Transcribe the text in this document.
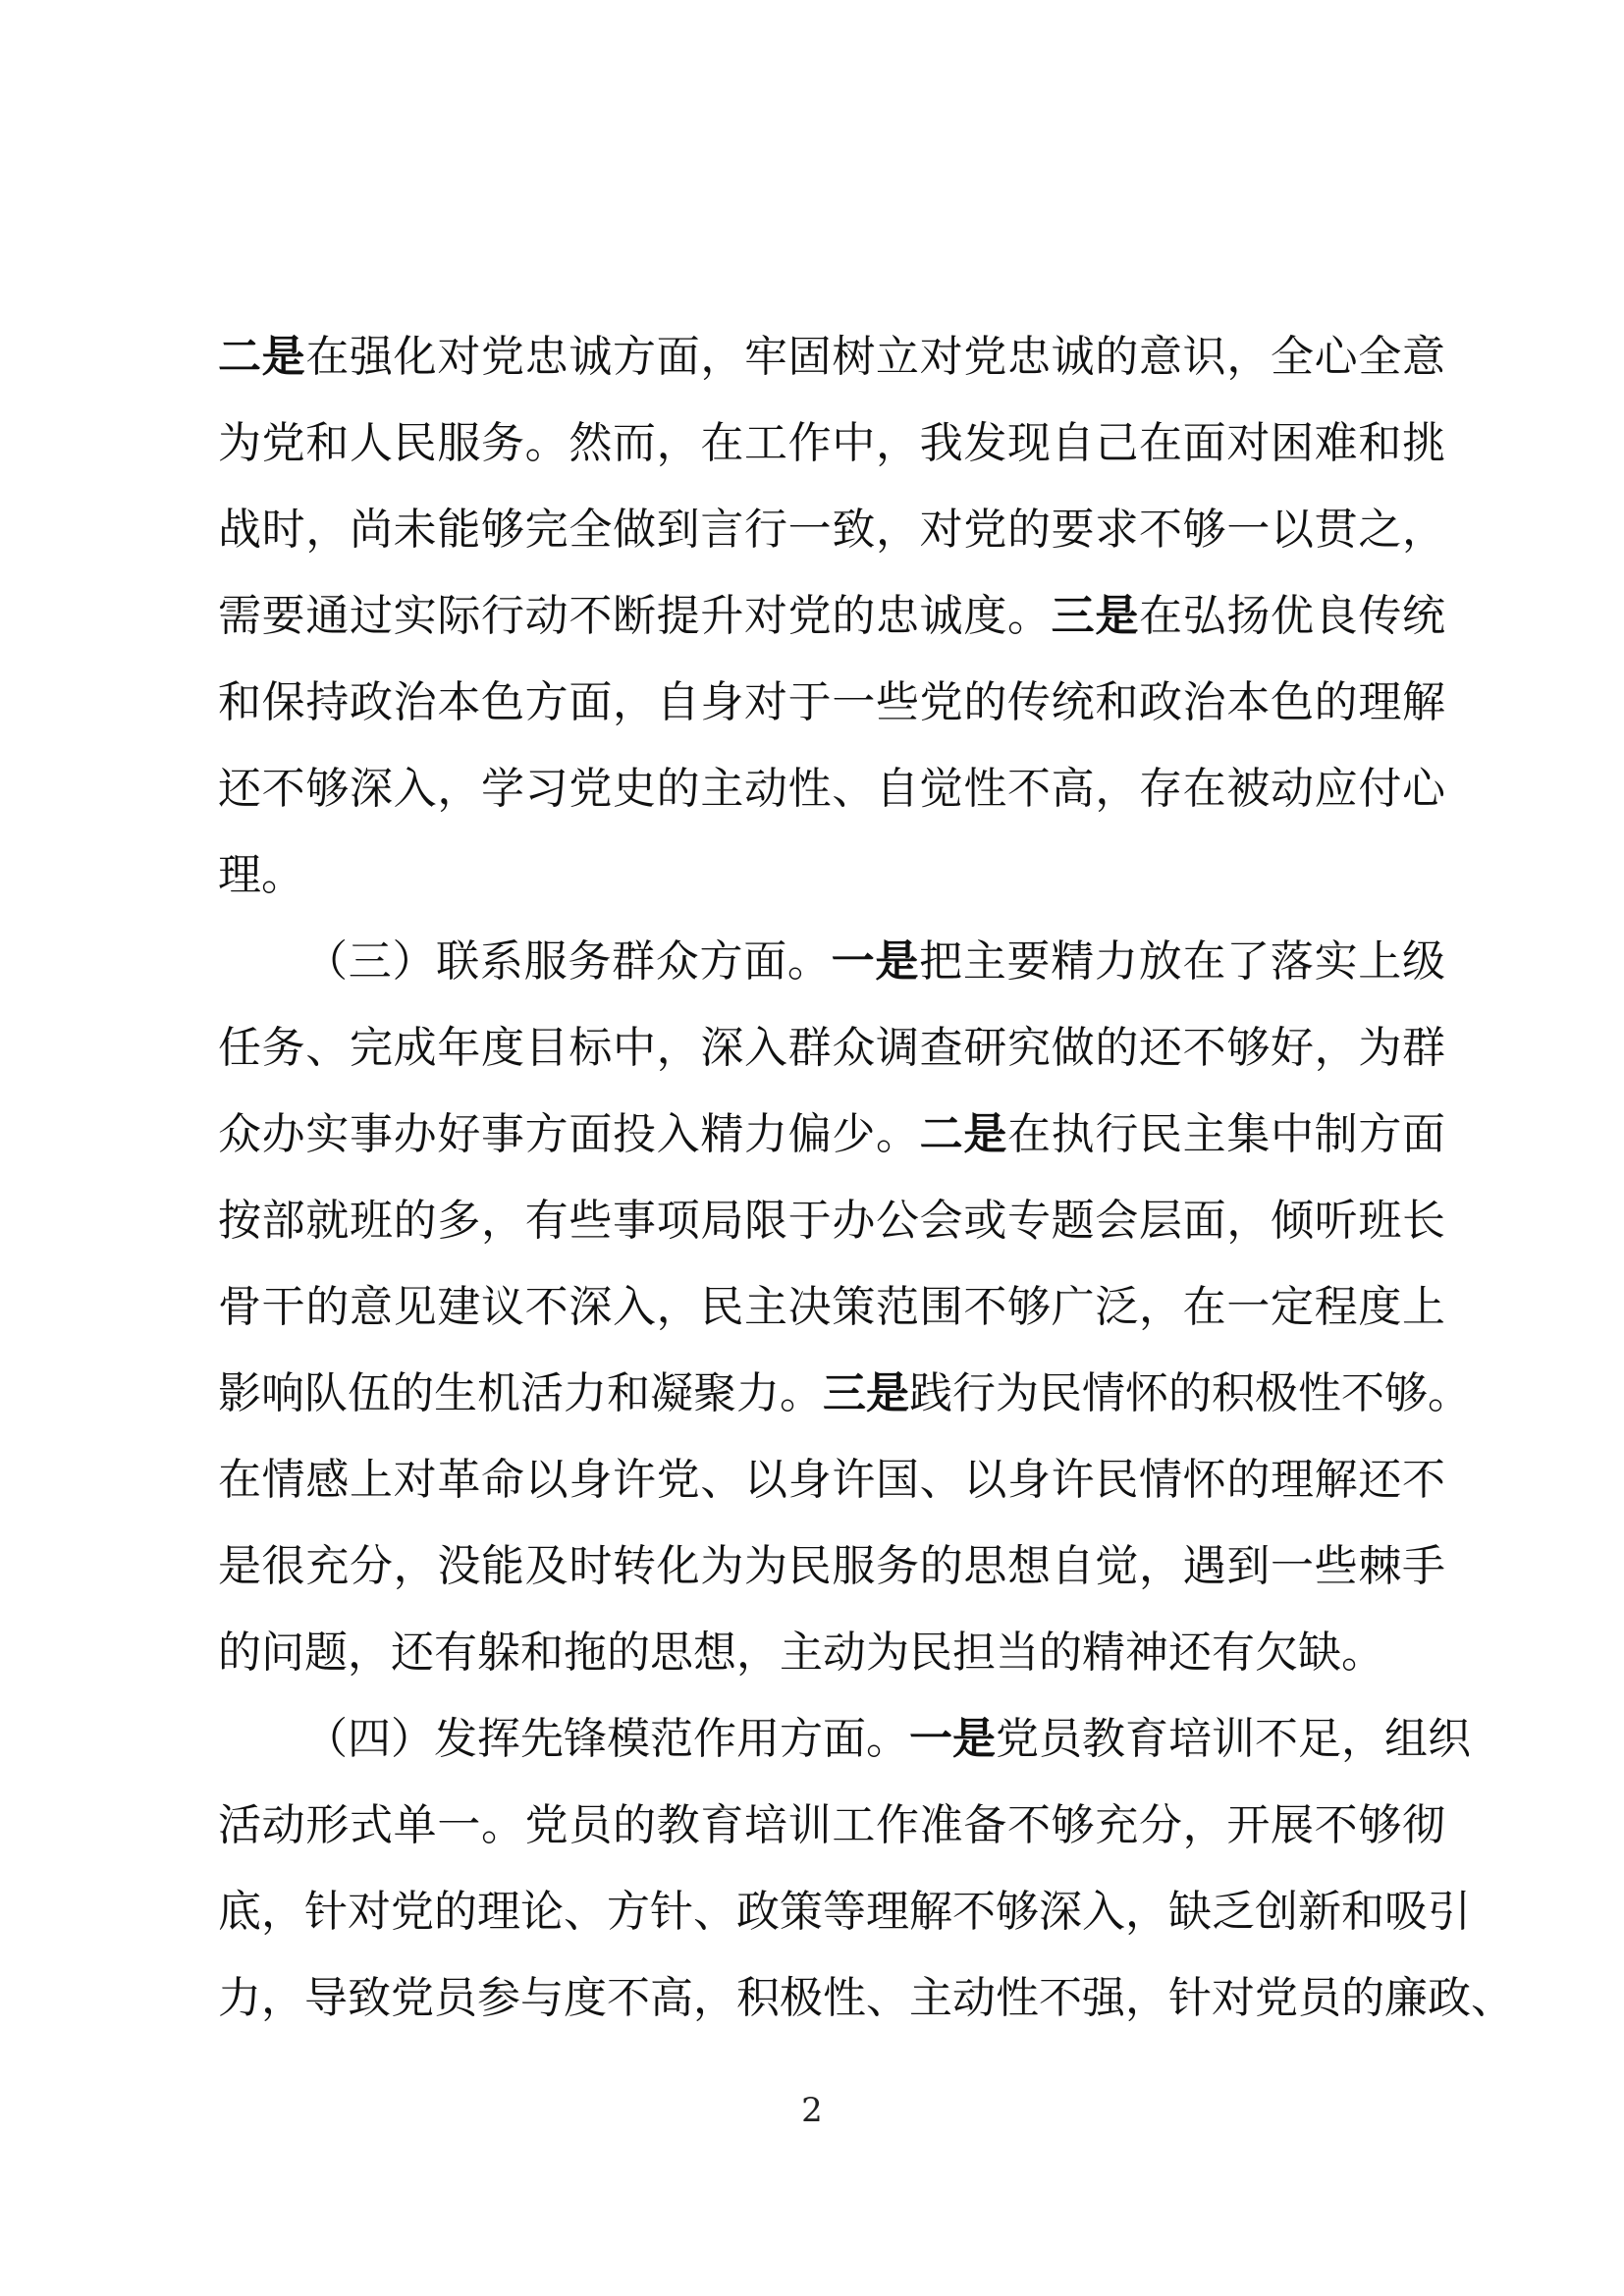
二是在强化对党忠诚方面，牢固树立对党忠诚的意识，全心全意
为党和人民服务。然而，在工作中，我发现自己在面对困难和挑
战时，尚未能够完全做到言行一致，对党的要求不够一以贯之，
需要通过实际行动不断提升对党的忠诚度。三是在弘扬优良传统
和保持政治本色方面，自身对于一些党的传统和政治本色的理解
还不够深入，学习党史的主动性、自觉性不高，存在被动应付心
理。
（三）联系服务群众方面。一是把主要精力放在了落实上级
任务、完成年度目标中，深入群众调查研究做的还不够好，为群
众办实事办好事方面投入精力偏少。二是在执行民主集中制方面
按部就班的多，有些事项局限于办公会或专题会层面，倾听班长
骨干的意见建议不深入，民主决策范围不够广泛，在一定程度上
影响队伍的生机活力和凝聚力。三是践行为民情怀的积极性不够。
在情感上对革命以身许党、以身许国、以身许民情怀的理解还不
是很充分，没能及时转化为为民服务的思想自觉，遇到一些棘手
的问题，还有躲和拖的思想，主动为民担当的精神还有欠缺。
（四）发挥先锋模范作用方面。一是党员教育培训不足，组织
活动形式单一。党员的教育培训工作准备不够充分，开展不够彻
底，针对党的理论、方针、政策等理解不够深入，缺乏创新和吸引
力，导致党员参与度不高，积极性、主动性不强，针对党员的廉政、
2
